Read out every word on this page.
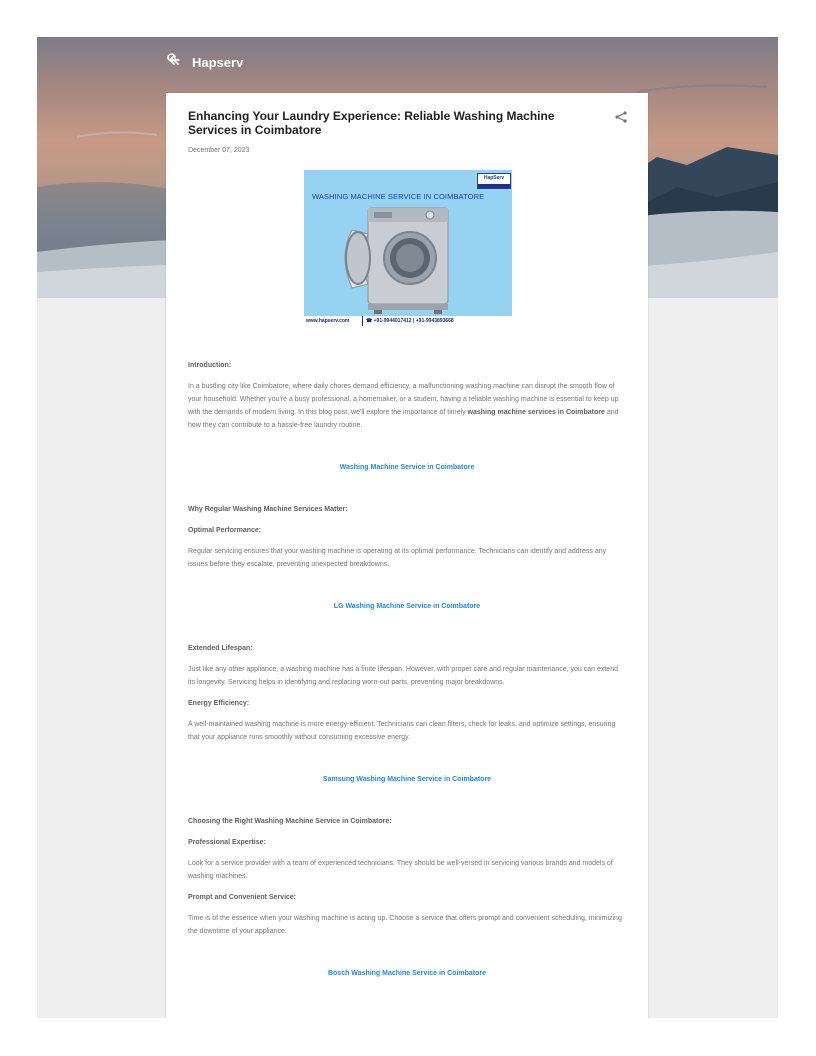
Hapserv
Enhancing Your Laundry Experience: Reliable Washing Machine Services in Coimbatore
December 07, 2023
WASHING MACHINE SERVICE IN COIMBATORE
HapServ
www.hapserv.com	☎ +91-9944017412 | +91-9943893668

Introduction:

In a bustling city like Coimbatore, where daily chores demand efficiency, a malfunctioning washing machine can disrupt the smooth flow of your household. Whether you're a busy professional, a homemaker, or a student, having a reliable washing machine is essential to keep up with the demands of modern living. In this blog post, we'll explore the importance of timely washing machine services in Coimbatore and how they can contribute to a hassle-free laundry routine.

Washing Machine Service in Coimbatore

Why Regular Washing Machine Services Matter:

Optimal Performance:

Regular servicing ensures that your washing machine is operating at its optimal performance. Technicians can identify and address any issues before they escalate, preventing unexpected breakdowns.

LG Washing Machine Service in Coimbatore

Extended Lifespan:

Just like any other appliance, a washing machine has a finite lifespan. However, with proper care and regular maintenance, you can extend its longevity. Servicing helps in identifying and replacing worn-out parts, preventing major breakdowns.

Energy Efficiency:

A well-maintained washing machine is more energy-efficient. Technicians can clean filters, check for leaks, and optimize settings, ensuring that your appliance runs smoothly without consuming excessive energy.

Samsung Washing Machine Service in Coimbatore

Choosing the Right Washing Machine Service in Coimbatore:

Professional Expertise:

Look for a service provider with a team of experienced technicians. They should be well-versed in servicing various brands and models of washing machines.

Prompt and Convenient Service:

Time is of the essence when your washing machine is acting up. Choose a service that offers prompt and convenient scheduling, minimizing the downtime of your appliance.

Bosch Washing Machine Service in Coimbatore
